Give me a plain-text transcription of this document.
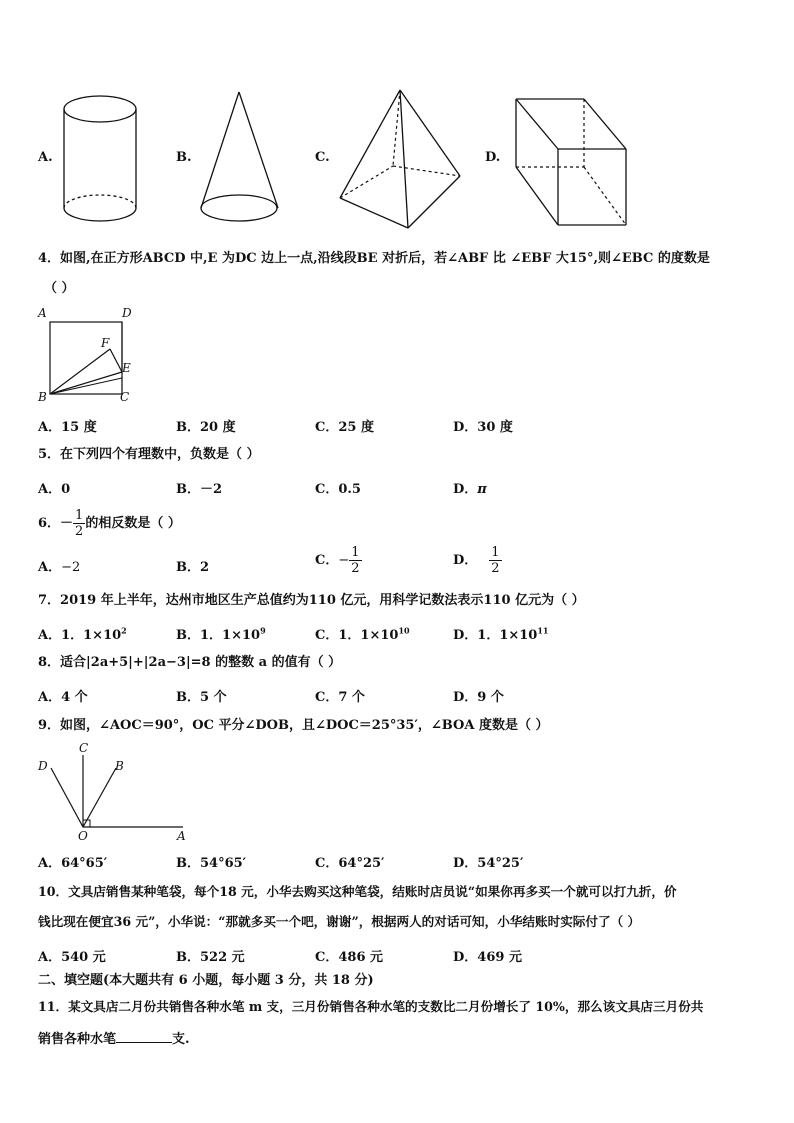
A.	B.	C.	D.
4．如图,在正方形ABCD 中,E 为DC 边上一点,沿线段BE 对折后，若∠ABF 比 ∠EBF 大15°,则∠EBC 的度数是
（ ）
A	D
F
E
B	C
A．15 度	B．20 度	C．25 度	D．30 度
5．在下列四个有理数中，负数是（ ）
A．0	B．－2	C．0.5	D．π
6．－ $\frac{1}{2}$ 的相反数是（ ）
A．−2	B．2	C．− $\frac{1}{2}$	D． $\frac{1}{2}$
7．2019 年上半年，达州市地区生产总值约为110 亿元，用科学记数法表示110 亿元为（ ）
A．1．$1\times 10^2$	B．1．$1\times 10^9$	C．1．$1\times 10^{10}$	D．1．$1\times 10^{11}$
8．适合|2a+5|+|2a−3|=8 的整数 a 的值有（ ）
A．4 个	B．5 个	C．7 个	D．9 个
9．如图，∠AOC＝90°，OC 平分∠DOB，且∠DOC＝25°35′，∠BOA 度数是（ ）
C
D	B
O	A
A．64°65′	B．54°65′	C．64°25′	D．54°25′
10．文具店销售某种笔袋，每个18 元，小华去购买这种笔袋，结账时店员说“如果你再多买一个就可以打九折，价
钱比现在便宜36 元”，小华说：“那就多买一个吧，谢谢”，根据两人的对话可知，小华结账时实际付了（ ）
A．540 元	B．522 元	C．486 元	D．469 元
二、填空题(本大题共有 6 小题，每小题 3 分，共 18 分)
11．某文具店二月份共销售各种水笔 m 支，三月份销售各种水笔的支数比二月份增长了 10%，那么该文具店三月份共
销售各种水笔	支.
